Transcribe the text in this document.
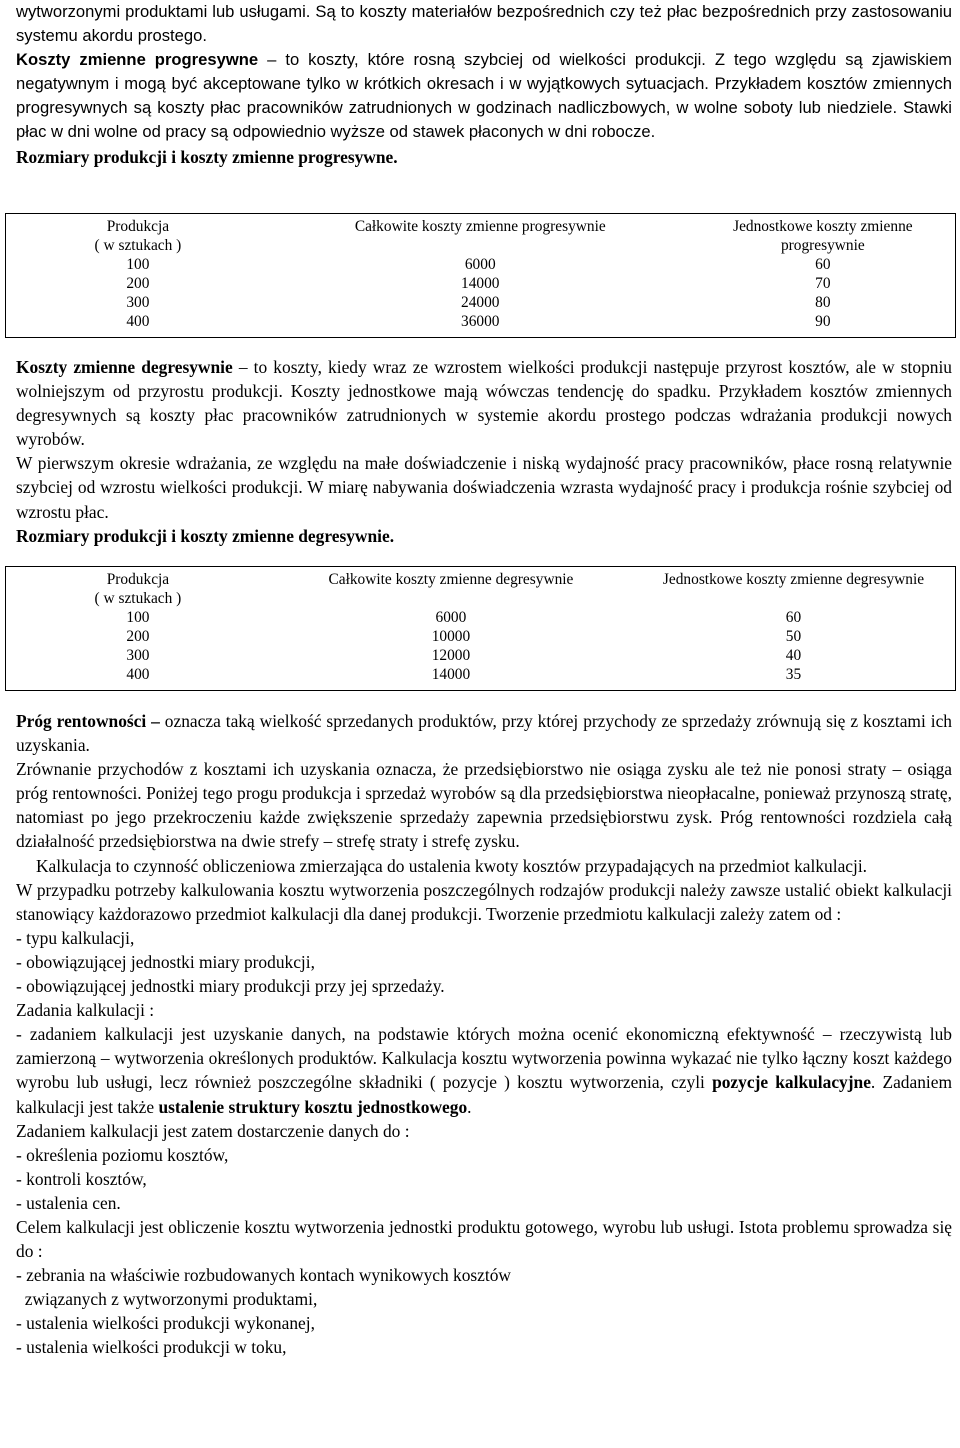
wytworzonymi produktami lub usługami. Są to koszty materiałów bezpośrednich czy też płac bezpośrednich przy zastosowaniu systemu akordu prostego.

Koszty zmienne progresywne – to koszty, które rosną szybciej od wielkości produkcji. Z tego względu są zjawiskiem negatywnym i mogą być akceptowane tylko w krótkich okresach i w wyjątkowych sytuacjach. Przykładem kosztów zmiennych progresywnych są koszty płac pracowników zatrudnionych w godzinach nadliczbowych, w wolne soboty lub niedziele. Stawki płac w dni wolne od pracy są odpowiednio wyższe od stawek płaconych w dni robocze.

Rozmiary produkcji i koszty zmienne progresywne.

Produkcja
( w sztukach )	Całkowite koszty zmienne progresywnie	Jednostkowe koszty zmienne
progresywnie
100	6000	60
200	14000	70
300	24000	80
400	36000	90

Koszty zmienne degresywnie – to koszty, kiedy wraz ze wzrostem wielkości produkcji następuje przyrost kosztów, ale w stopniu wolniejszym od przyrostu produkcji. Koszty jednostkowe mają wówczas tendencję do spadku. Przykładem kosztów zmiennych degresywnych są koszty płac pracowników zatrudnionych w systemie akordu prostego podczas wdrażania produkcji nowych wyrobów.

W pierwszym okresie wdrażania, ze względu na małe doświadczenie i niską wydajność pracy pracowników, płace rosną relatywnie szybciej od wzrostu wielkości produkcji. W miarę nabywania doświadczenia wzrasta wydajność pracy i produkcja rośnie szybciej od wzrostu płac.

Rozmiary produkcji i koszty zmienne degresywnie.

Produkcja
( w sztukach )	Całkowite koszty zmienne degresywnie	Jednostkowe koszty zmienne degresywnie
100	6000	60
200	10000	50
300	12000	40
400	14000	35

Próg rentowności – oznacza taką wielkość sprzedanych produktów, przy której przychody ze sprzedaży zrównują się z kosztami ich uzyskania.

Zrównanie przychodów z kosztami ich uzyskania oznacza, że przedsiębiorstwo nie osiąga zysku ale też nie ponosi straty – osiąga próg rentowności. Poniżej tego progu produkcja i sprzedaż wyrobów są dla przedsiębiorstwa nieopłacalne, ponieważ przynoszą stratę, natomiast po jego przekroczeniu każde zwiększenie sprzedaży zapewnia przedsiębiorstwu zysk. Próg rentowności rozdziela całą działalność przedsiębiorstwa na dwie strefy – strefę straty i strefę zysku.

Kalkulacja to czynność obliczeniowa zmierzająca do ustalenia kwoty kosztów przypadających na przedmiot kalkulacji.

W przypadku potrzeby kalkulowania kosztu wytworzenia poszczególnych rodzajów produkcji należy zawsze ustalić obiekt kalkulacji stanowiący każdorazowo przedmiot kalkulacji dla danej produkcji. Tworzenie przedmiotu kalkulacji zależy zatem od :

- typu kalkulacji,

- obowiązującej jednostki miary produkcji,

- obowiązującej jednostki miary produkcji przy jej sprzedaży.

Zadania kalkulacji :

- zadaniem kalkulacji jest uzyskanie danych, na podstawie których można ocenić ekonomiczną efektywność – rzeczywistą lub zamierzoną – wytworzenia określonych produktów. Kalkulacja kosztu wytworzenia powinna wykazać nie tylko łączny koszt każdego wyrobu lub usługi, lecz również poszczególne składniki ( pozycje ) kosztu wytworzenia, czyli pozycje kalkulacyjne. Zadaniem kalkulacji jest także ustalenie struktury kosztu jednostkowego.

Zadaniem kalkulacji jest zatem dostarczenie danych do :

- określenia poziomu kosztów,

- kontroli kosztów,

- ustalenia cen.

Celem kalkulacji jest obliczenie kosztu wytworzenia jednostki produktu gotowego, wyrobu lub usługi. Istota problemu sprowadza się do :

- zebrania na właściwie rozbudowanych kontach wynikowych kosztów

związanych z wytworzonymi produktami,

- ustalenia wielkości produkcji wykonanej,

- ustalenia wielkości produkcji w toku,
